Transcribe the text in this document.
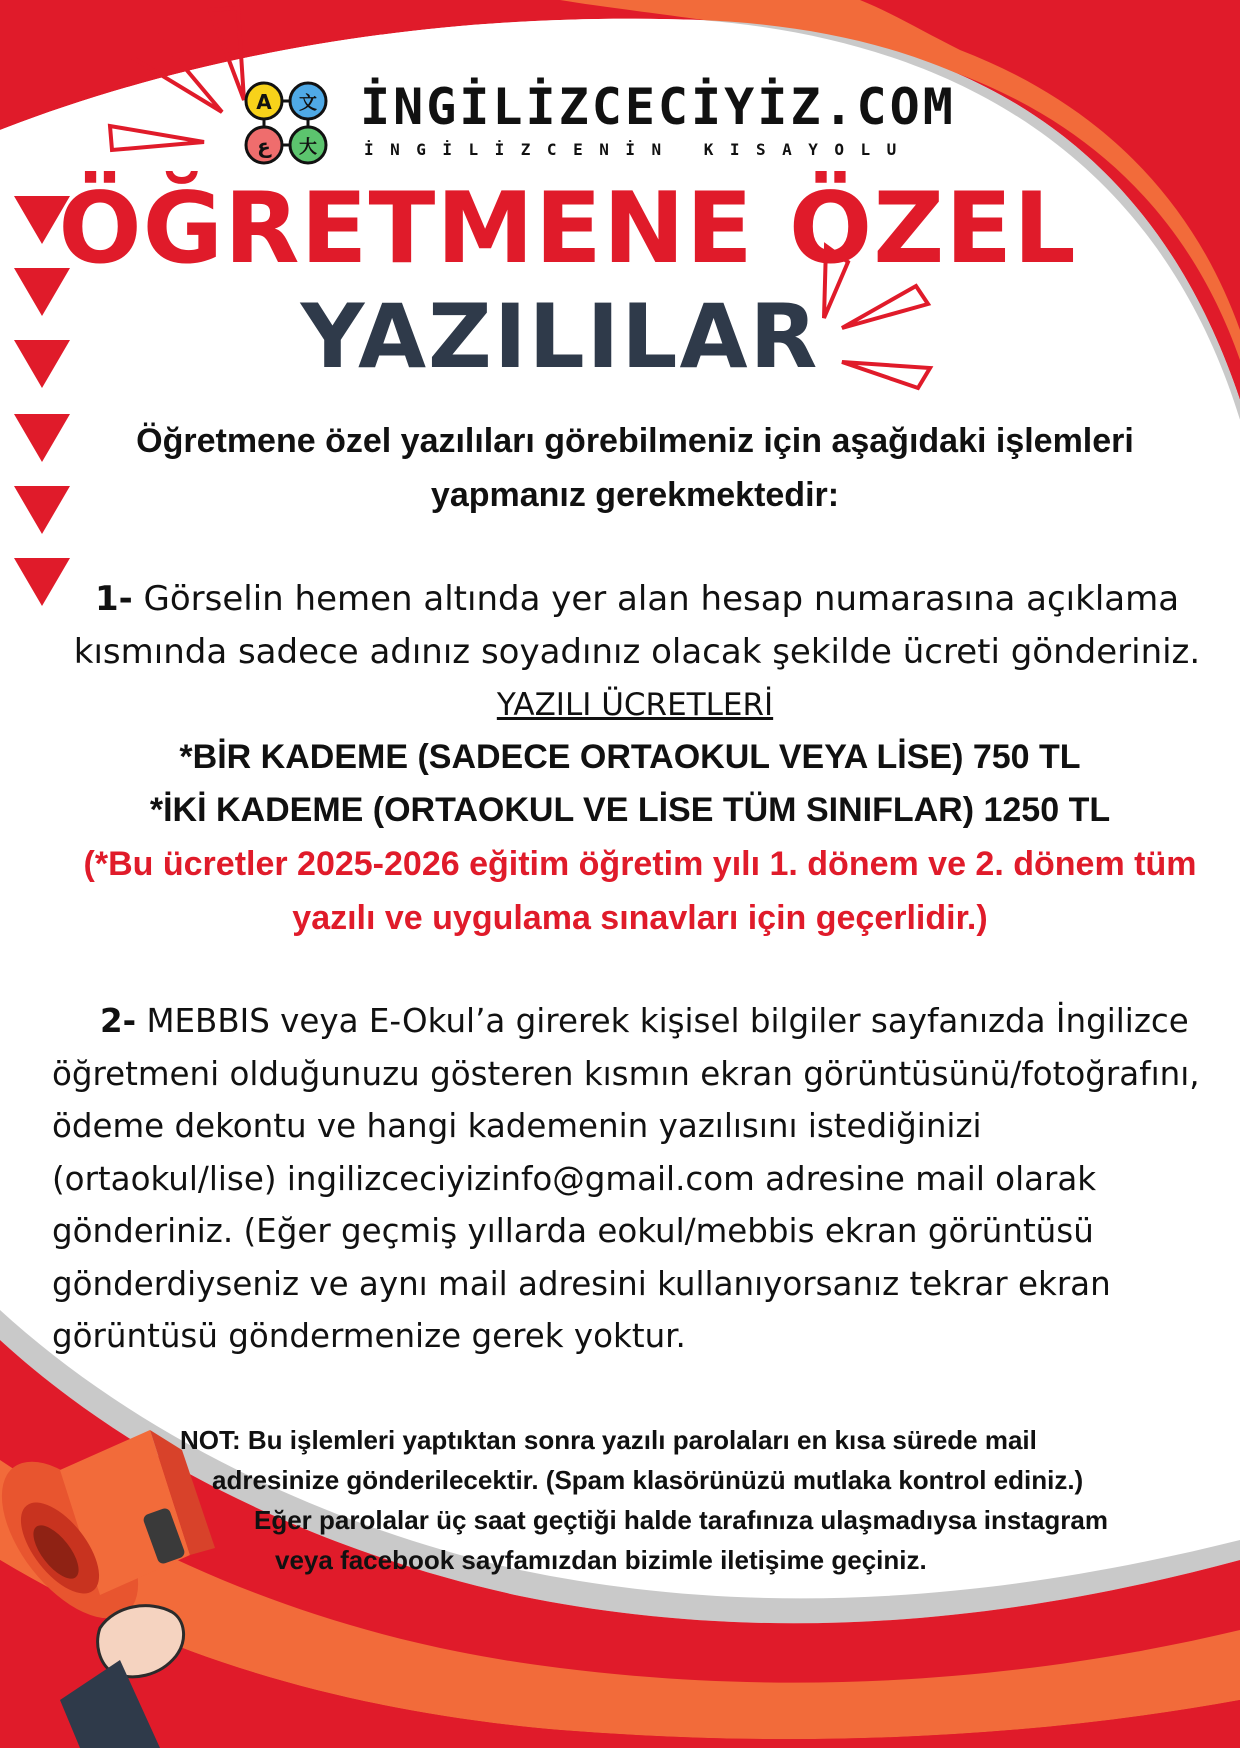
A 文
ع 大
İNGİLİZCECİYİZ.COM
İNGİLİZCENİN KISAYOLU
ÖĞRETMENE ÖZEL
YAZILILAR
Öğretmene özel yazılıları görebilmeniz için aşağıdaki işlemleri yapmanız gerekmektedir:
1- Görselin hemen altında yer alan hesap numarasına açıklama kısmında sadece adınız soyadınız olacak şekilde ücreti gönderiniz.
YAZILI ÜCRETLERİ
*BİR KADEME (SADECE ORTAOKUL VEYA LİSE) 750 TL
*İKİ KADEME (ORTAOKUL VE LİSE TÜM SINIFLAR) 1250 TL
(*Bu ücretler 2025-2026 eğitim öğretim yılı 1. dönem ve 2. dönem tüm yazılı ve uygulama sınavları için geçerlidir.)
2- MEBBIS veya E-Okul’a girerek kişisel bilgiler sayfanızda İngilizce öğretmeni olduğunuzu gösteren kısmın ekran görüntüsünü/fotoğrafını, ödeme dekontu ve hangi kademenin yazılısını istediğinizi (ortaokul/lise) ingilizceciyizinfo@gmail.com adresine mail olarak gönderiniz. (Eğer geçmiş yıllarda eokul/mebbis ekran görüntüsü gönderdiyseniz ve aynı mail adresini kullanıyorsanız tekrar ekran görüntüsü göndermenize gerek yoktur.
NOT: Bu işlemleri yaptıktan sonra yazılı parolaları en kısa sürede mail
adresinize gönderilecektir. (Spam klasörünüzü mutlaka kontrol ediniz.)
Eğer parolalar üç saat geçtiği halde tarafınıza ulaşmadıysa instagram
veya facebook sayfamızdan bizimle iletişime geçiniz.
